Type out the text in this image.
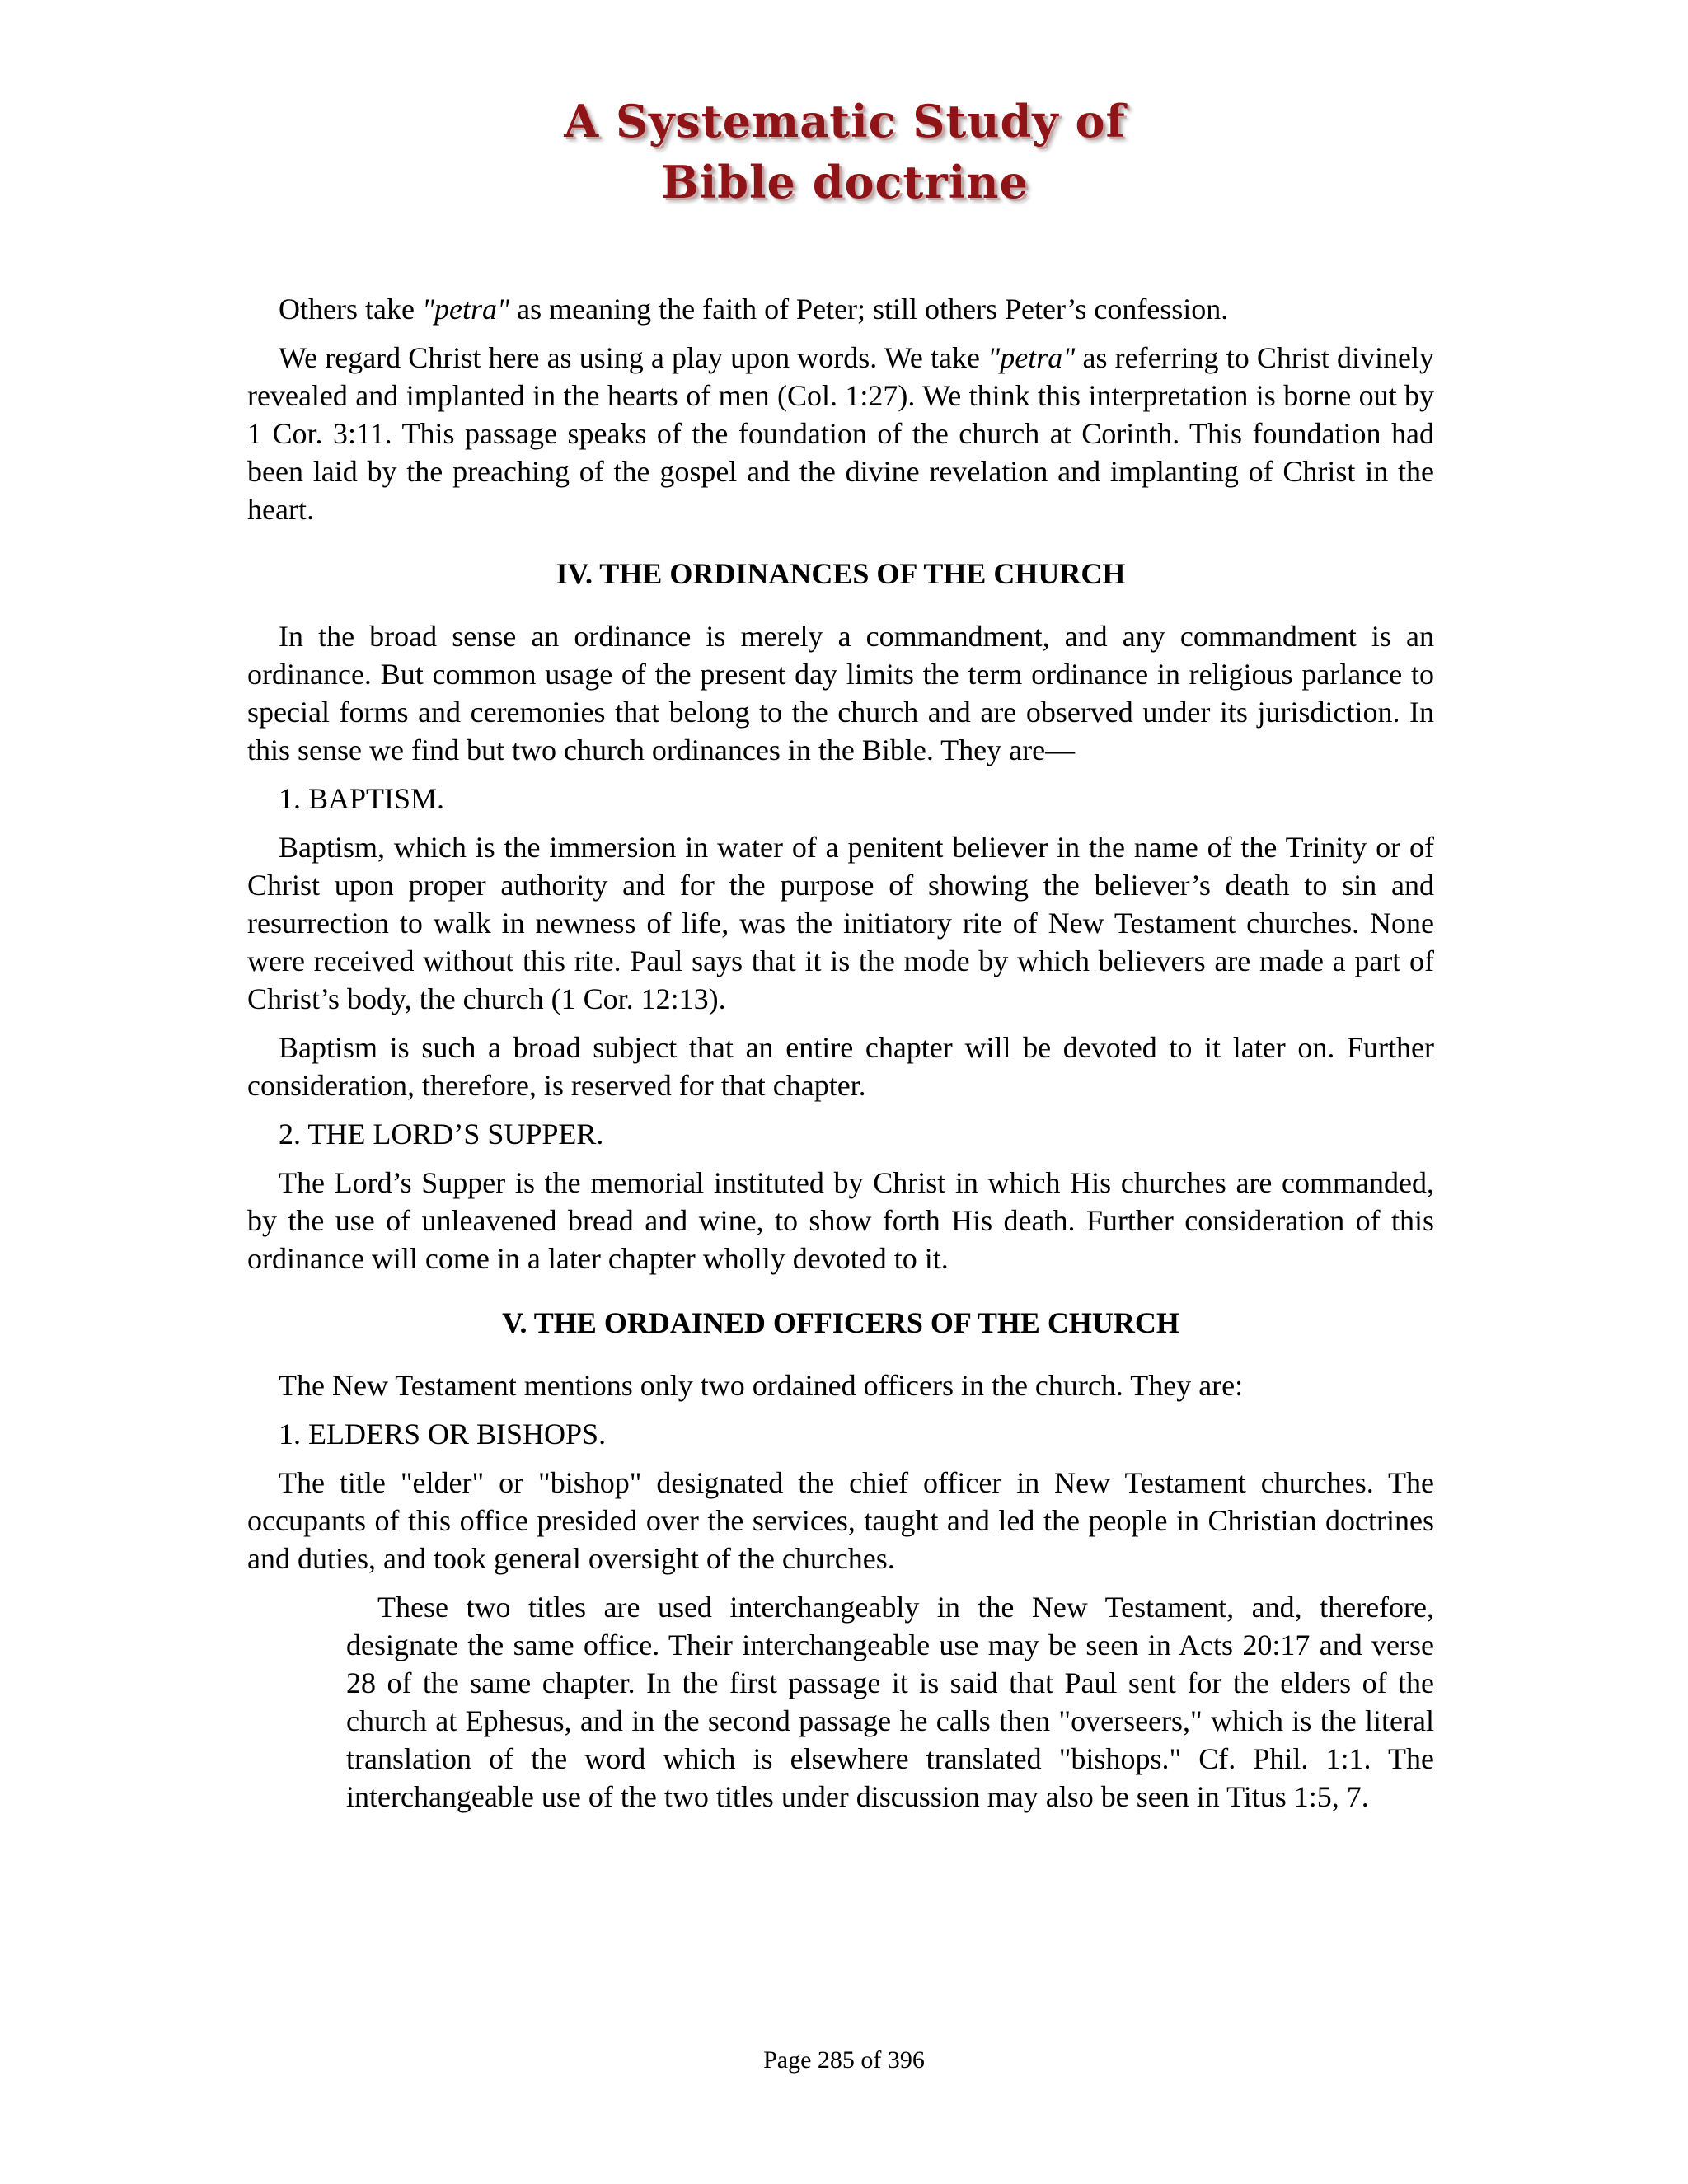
A Systematic Study of
Bible doctrine

Others take "petra" as meaning the faith of Peter; still others Peter’s confession.

We regard Christ here as using a play upon words. We take "petra" as referring to Christ divinely revealed and implanted in the hearts of men (Col. 1:27). We think this interpretation is borne out by 1 Cor. 3:11. This passage speaks of the foundation of the church at Corinth. This foundation had been laid by the preaching of the gospel and the divine revelation and implanting of Christ in the heart.

IV. THE ORDINANCES OF THE CHURCH

In the broad sense an ordinance is merely a commandment, and any commandment is an ordinance. But common usage of the present day limits the term ordinance in religious parlance to special forms and ceremonies that belong to the church and are observed under its jurisdiction. In this sense we find but two church ordinances in the Bible. They are—

1. BAPTISM.

Baptism, which is the immersion in water of a penitent believer in the name of the Trinity or of Christ upon proper authority and for the purpose of showing the believer’s death to sin and resurrection to walk in newness of life, was the initiatory rite of New Testament churches. None were received without this rite. Paul says that it is the mode by which believers are made a part of Christ’s body, the church (1 Cor. 12:13).

Baptism is such a broad subject that an entire chapter will be devoted to it later on. Further consideration, therefore, is reserved for that chapter.

2. THE LORD’S SUPPER.

The Lord’s Supper is the memorial instituted by Christ in which His churches are commanded, by the use of unleavened bread and wine, to show forth His death. Further consideration of this ordinance will come in a later chapter wholly devoted to it.

V. THE ORDAINED OFFICERS OF THE CHURCH

The New Testament mentions only two ordained officers in the church. They are:

1. ELDERS OR BISHOPS.

The title "elder" or "bishop" designated the chief officer in New Testament churches. The occupants of this office presided over the services, taught and led the people in Christian doctrines and duties, and took general oversight of the churches.

These two titles are used interchangeably in the New Testament, and, therefore, designate the same office. Their interchangeable use may be seen in Acts 20:17 and verse 28 of the same chapter. In the first passage it is said that Paul sent for the elders of the church at Ephesus, and in the second passage he calls then "overseers," which is the literal translation of the word which is elsewhere translated "bishops." Cf. Phil. 1:1. The interchangeable use of the two titles under discussion may also be seen in Titus 1:5, 7.

Page 285 of 396
